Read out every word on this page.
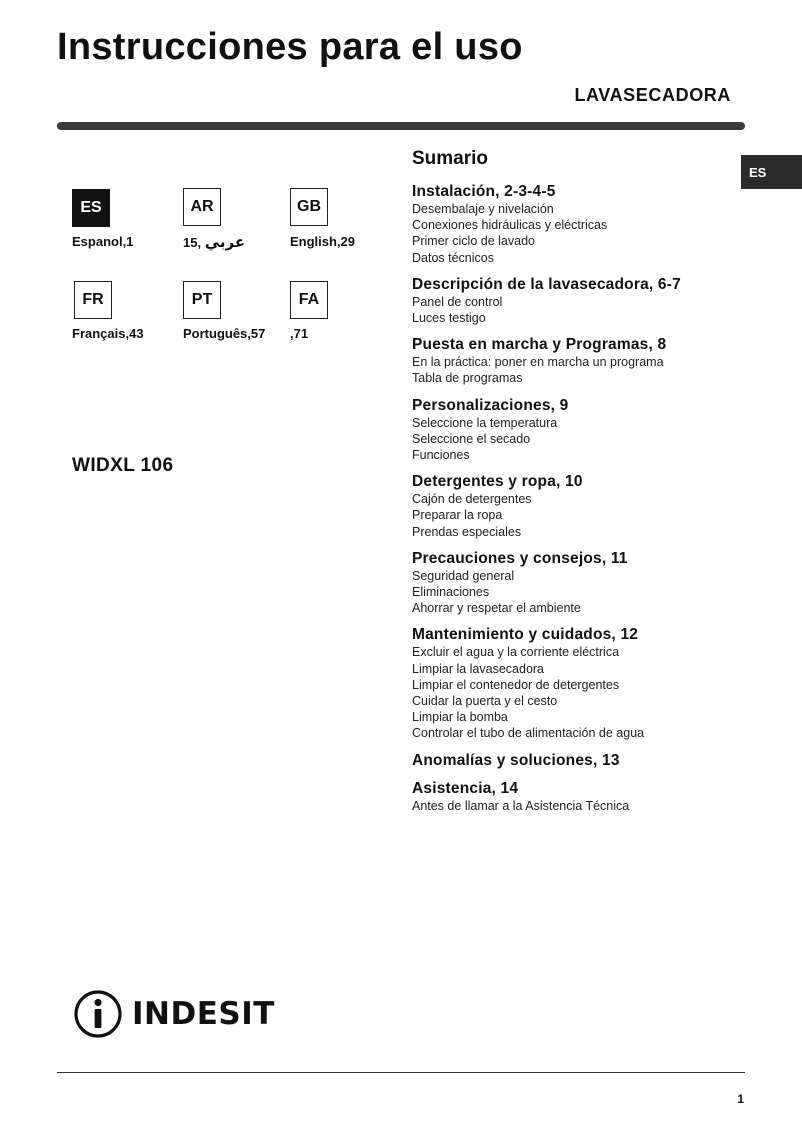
Instrucciones para el uso
LAVASECADORA
ES
ES
Espanol,1
AR
عربي ,15
GB
English,29
FR
Français,43
PT
Português,57
FA
,71
WIDXL 106
Sumario
Instalación, 2-3-4-5
Desembalaje y nivelación
Conexiones hidráulicas y eléctricas
Primer ciclo de lavado
Datos técnicos
Descripción de la lavasecadora, 6-7
Panel de control
Luces testigo
Puesta en marcha y Programas, 8
En la práctica: poner en marcha un programa
Tabla de programas
Personalizaciones, 9
Seleccione la temperatura
Seleccione el secado
Funciones
Detergentes y ropa, 10
Cajón de detergentes
Preparar la ropa
Prendas especiales
Precauciones y consejos, 11
Seguridad general
Eliminaciones
Ahorrar y respetar el ambiente
Mantenimiento y cuidados, 12
Excluir el agua y la corriente eléctrica
Limpiar la lavasecadora
Limpiar el contenedor de detergentes
Cuidar la puerta y el cesto
Limpiar la bomba
Controlar el tubo de alimentación de agua
Anomalías y soluciones, 13
Asistencia, 14
Antes de llamar a la Asistencia Técnica
INDESIT
1
